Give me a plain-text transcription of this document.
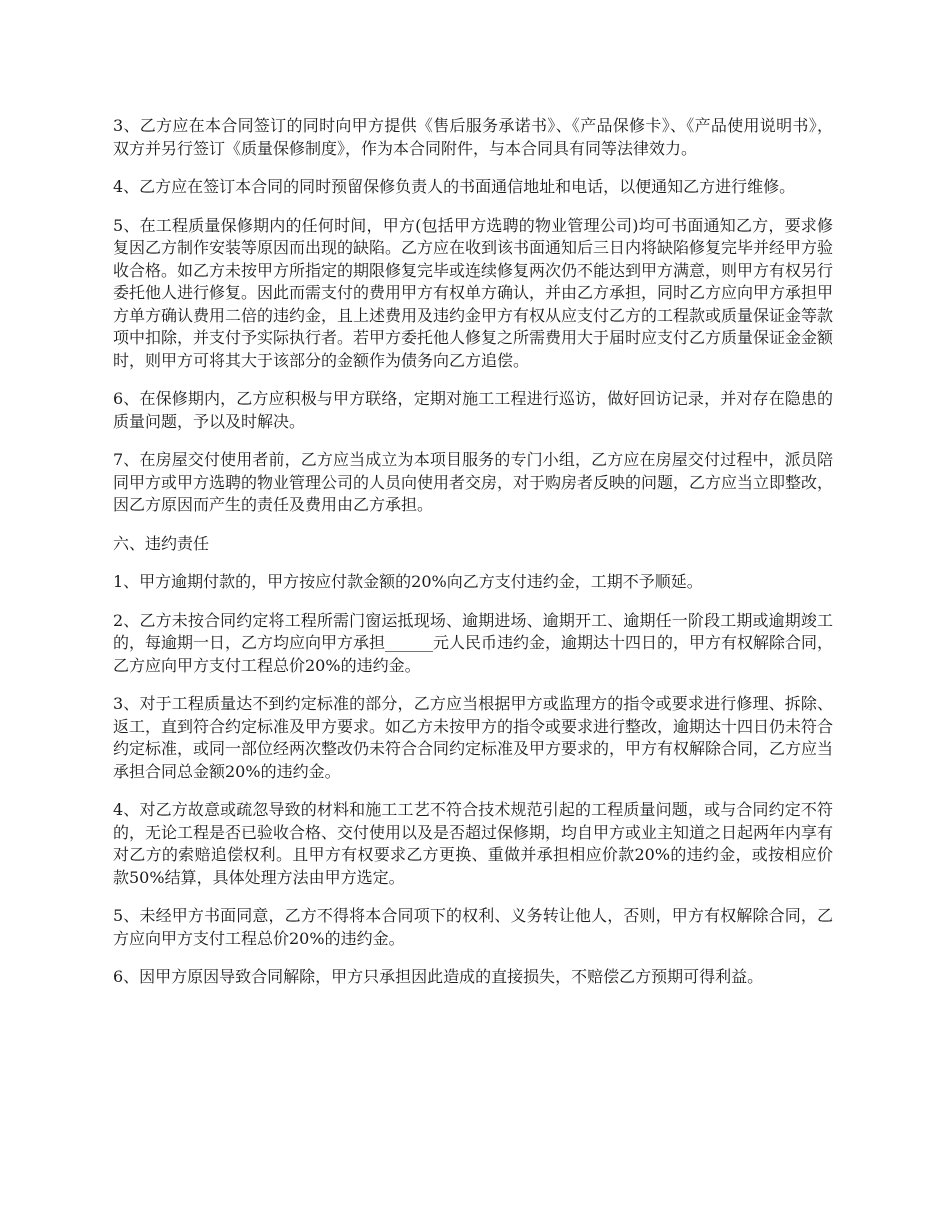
3、乙方应在本合同签订的同时向甲方提供《售后服务承诺书》、《产品保修卡》、《产品使用说明书》，双方并另行签订《质量保修制度》，作为本合同附件，与本合同具有同等法律效力。

4、乙方应在签订本合同的同时预留保修负责人的书面通信地址和电话，以便通知乙方进行维修。

5、在工程质量保修期内的任何时间，甲方(包括甲方选聘的物业管理公司)均可书面通知乙方，要求修复因乙方制作安装等原因而出现的缺陷。乙方应在收到该书面通知后三日内将缺陷修复完毕并经甲方验收合格。如乙方未按甲方所指定的期限修复完毕或连续修复两次仍不能达到甲方满意，则甲方有权另行委托他人进行修复。因此而需支付的费用甲方有权单方确认，并由乙方承担，同时乙方应向甲方承担甲方单方确认费用二倍的违约金，且上述费用及违约金甲方有权从应支付乙方的工程款或质量保证金等款项中扣除，并支付予实际执行者。若甲方委托他人修复之所需费用大于届时应支付乙方质量保证金金额时，则甲方可将其大于该部分的金额作为债务向乙方追偿。

6、在保修期内，乙方应积极与甲方联络，定期对施工工程进行巡访，做好回访记录，并对存在隐患的质量问题，予以及时解决。

7、在房屋交付使用者前，乙方应当成立为本项目服务的专门小组，乙方应在房屋交付过程中，派员陪同甲方或甲方选聘的物业管理公司的人员向使用者交房，对于购房者反映的问题，乙方应当立即整改，因乙方原因而产生的责任及费用由乙方承担。

六、违约责任

1、甲方逾期付款的，甲方按应付款金额的20%向乙方支付违约金，工期不予顺延。

2、乙方未按合同约定将工程所需门窗运抵现场、逾期进场、逾期开工、逾期任一阶段工期或逾期竣工的，每逾期一日，乙方均应向甲方承担______元人民币违约金，逾期达十四日的，甲方有权解除合同，乙方应向甲方支付工程总价20%的违约金。

3、对于工程质量达不到约定标准的部分，乙方应当根据甲方或监理方的指令或要求进行修理、拆除、返工，直到符合约定标准及甲方要求。如乙方未按甲方的指令或要求进行整改，逾期达十四日仍未符合约定标准，或同一部位经两次整改仍未符合合同约定标准及甲方要求的，甲方有权解除合同，乙方应当承担合同总金额20%的违约金。

4、对乙方故意或疏忽导致的材料和施工工艺不符合技术规范引起的工程质量问题，或与合同约定不符的，无论工程是否已验收合格、交付使用以及是否超过保修期，均自甲方或业主知道之日起两年内享有对乙方的索赔追偿权利。且甲方有权要求乙方更换、重做并承担相应价款20%的违约金，或按相应价款50%结算，具体处理方法由甲方选定。

5、未经甲方书面同意，乙方不得将本合同项下的权利、义务转让他人，否则，甲方有权解除合同，乙方应向甲方支付工程总价20%的违约金。

6、因甲方原因导致合同解除，甲方只承担因此造成的直接损失，不赔偿乙方预期可得利益。
